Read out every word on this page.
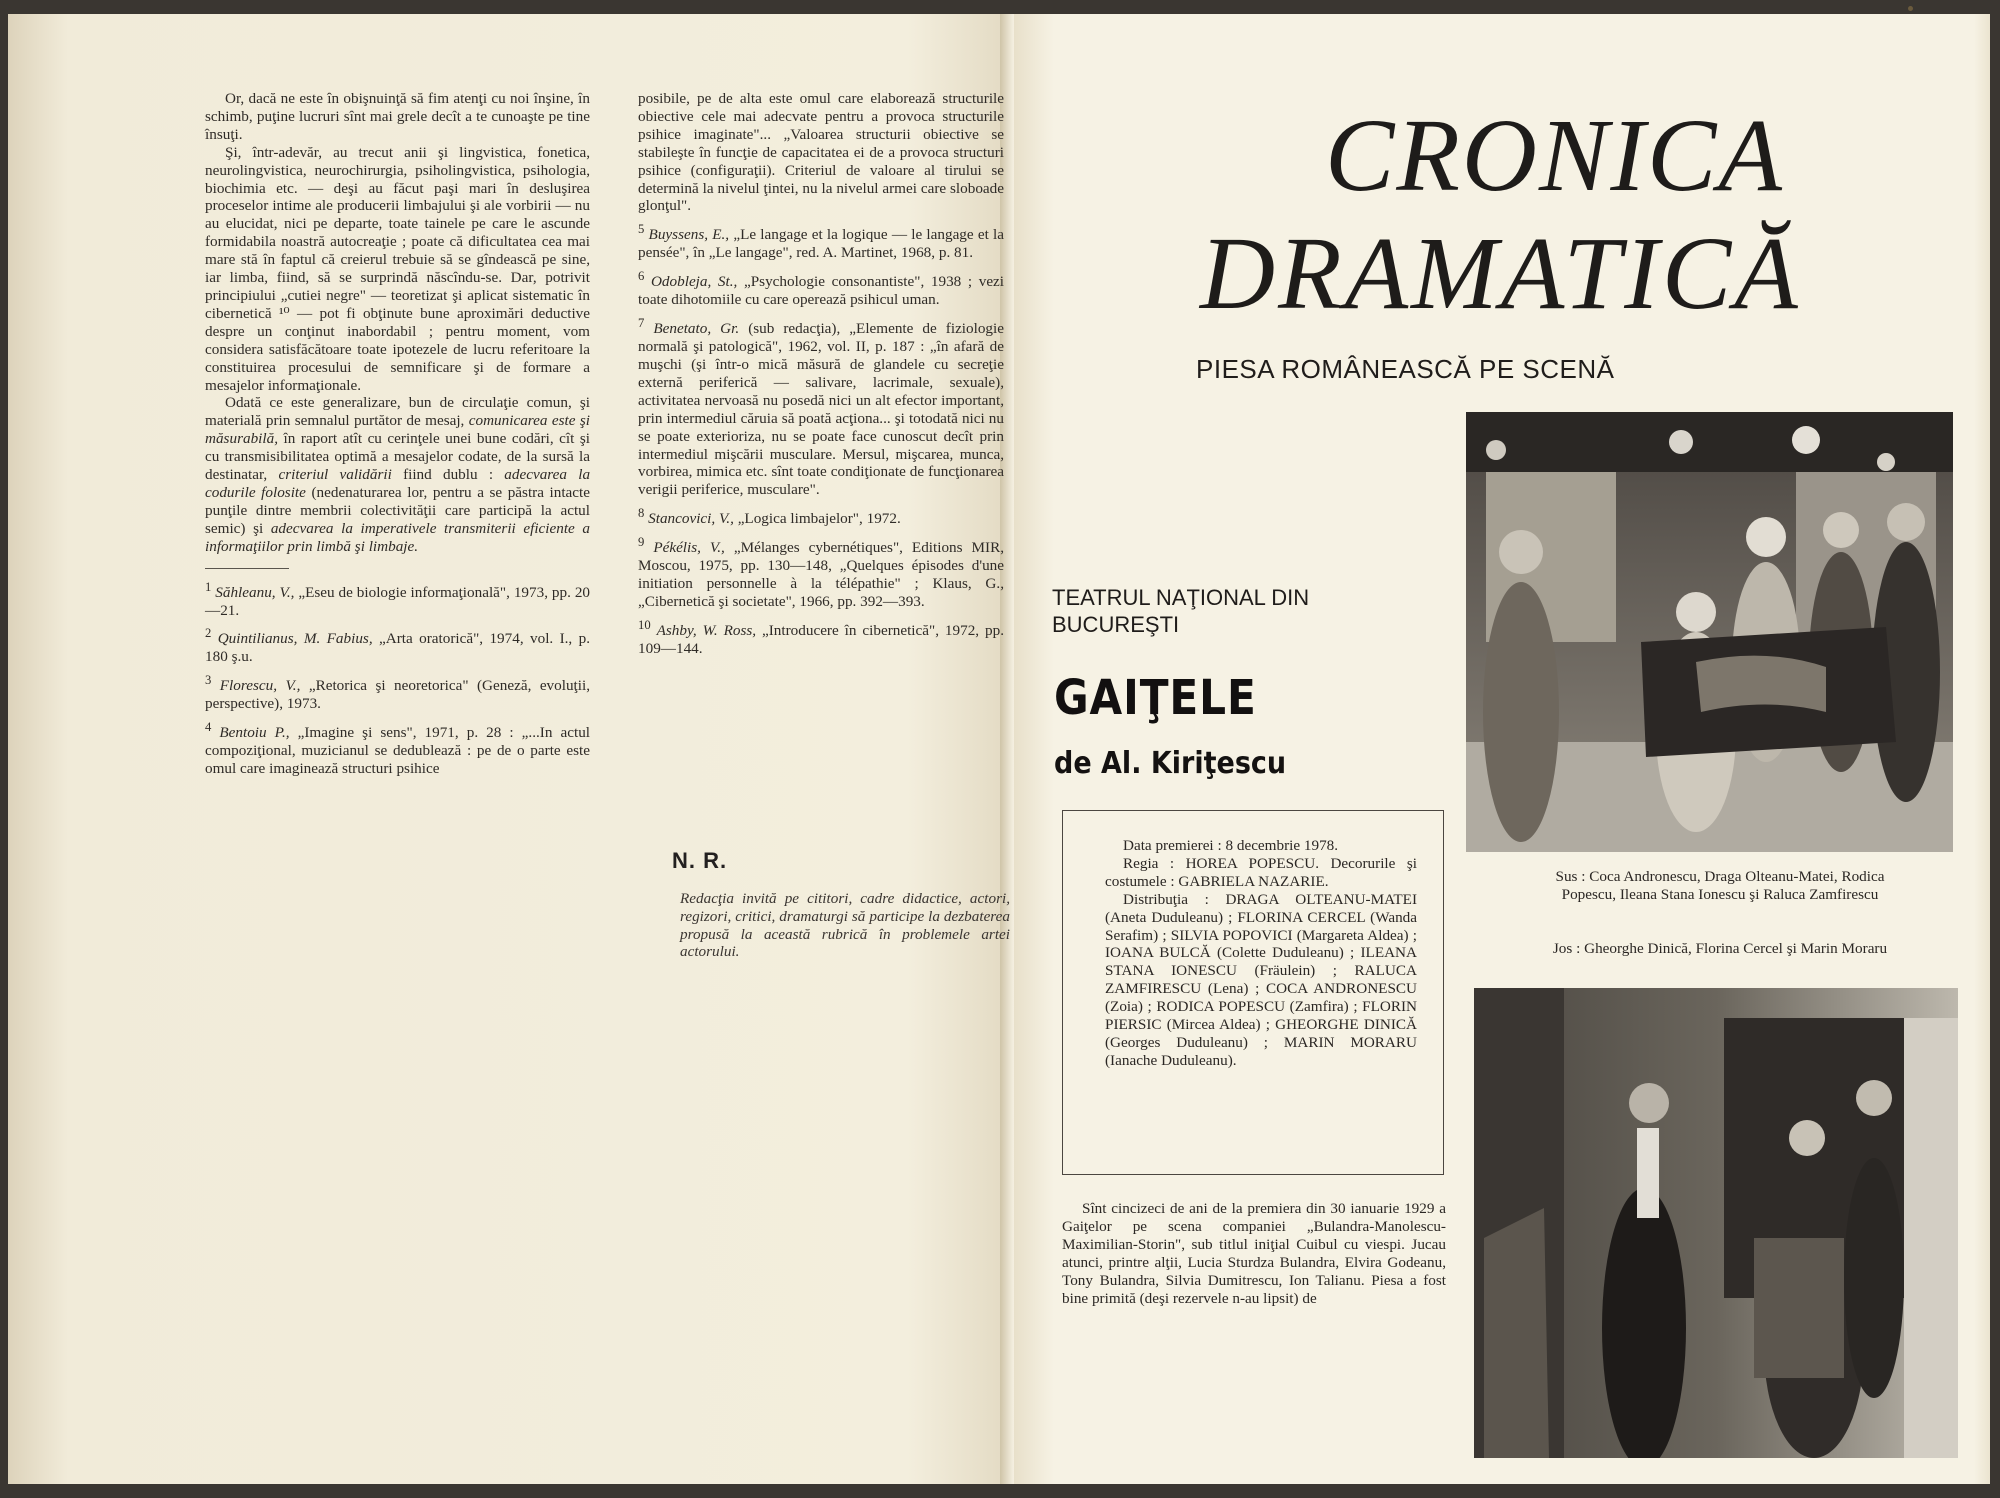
Or, dacă ne este în obişnuinţă să fim atenţi cu noi înşine, în schimb, puţine lucruri sînt mai grele decît a te cunoaşte pe tine însuţi.

Şi, într-adevăr, au trecut anii şi lingvistica, fonetica, neurolingvistica, neurochirurgia, psiholingvistica, psihologia, biochimia etc. — deşi au făcut paşi mari în desluşirea proceselor intime ale producerii limbajului şi ale vorbirii — nu au elucidat, nici pe departe, toate tainele pe care le ascunde formidabila noastră autocreaţie ; poate că dificultatea cea mai mare stă în faptul că creierul trebuie să se gîndească pe sine, iar limba, fiind, să se surprindă născîndu-se. Dar, potrivit principiului „cutiei negre" — teoretizat şi aplicat sistematic în cibernetică ¹⁰ — pot fi obţinute bune aproximări deductive despre un conţinut inabordabil ; pentru moment, vom considera satisfăcătoare toate ipotezele de lucru referitoare la constituirea procesului de semnificare şi de formare a mesajelor informaţionale.

Odată ce este generalizare, bun de circulaţie comun, şi materială prin semnalul purtător de mesaj, comunicarea este şi măsurabilă, în raport atît cu cerinţele unei bune codări, cît şi cu transmisibilitatea optimă a mesajelor codate, de la sursă la destinatar, criteriul validării fiind dublu : adecvarea la codurile folosite (nedenaturarea lor, pentru a se păstra intacte punţile dintre membrii colectivităţii care participă la actul semic) şi adecvarea la imperativele transmiterii eficiente a informaţiilor prin limbă şi limbaje.

$^1$ Săhleanu, V., „Eseu de biologie informaţională", 1973, pp. 20—21.

$^2$ Quintilianus, M. Fabius, „Arta oratorică", 1974, vol. I., p. 180 ş.u.

$^3$ Florescu, V., „Retorica şi neoretorica" (Geneză, evoluţii, perspective), 1973.

$^4$ Bentoiu P., „Imagine şi sens", 1971, p. 28 : „...In actul compoziţional, muzicianul se dedublează : pe de o parte este omul care imaginează structuri psihice

posibile, pe de alta este omul care elaborează structurile obiective cele mai adecvate pentru a provoca structurile psihice imaginate"... „Valoarea structurii obiective se stabileşte în funcţie de capacitatea ei de a provoca structuri psihice (configuraţii). Criteriul de valoare al tirului se determină la nivelul ţintei, nu la nivelul armei care sloboade glonţul".

$^5$ Buyssens, E., „Le langage et la logique — le langage et la pensée", în „Le langage", red. A. Martinet, 1968, p. 81.

$^6$ Odobleja, St., „Psychologie consonantiste", 1938 ; vezi toate dihotomiile cu care operează psihicul uman.

$^7$ Benetato, Gr. (sub redacţia), „Elemente de fiziologie normală şi patologică", 1962, vol. II, p. 187 : „în afară de muşchi (şi într-o mică măsură de glandele cu secreţie externă periferică — salivare, lacrimale, sexuale), activitatea nervoasă nu posedă nici un alt efector important, prin intermediul căruia să poată acţiona... şi totodată nici nu se poate exterioriza, nu se poate face cunoscut decît prin intermediul mişcării musculare. Mersul, mişcarea, munca, vorbirea, mimica etc. sînt toate condiţionate de funcţionarea verigii periferice, musculare".

$^8$ Stancovici, V., „Logica limbajelor", 1972.

$^9$ Pékélis, V., „Mélanges cybernétiques", Editions MIR, Moscou, 1975, pp. 130—148, „Quelques épisodes d'une initiation personnelle à la télépathie" ; Klaus, G., „Cibernetică şi societate", 1966, pp. 392—393.

$^{10}$ Ashby, W. Ross, „Introducere în cibernetică", 1972, pp. 109—144.

N. R.
Redacţia invită pe cititori, cadre didactice, actori, regizori, critici, dramaturgi să participe la dezbaterea propusă la această rubrică în problemele artei actorului.
CRONICA
DRAMATICĂ
PIESA ROMÂNEASCĂ PE SCENĂ
Sus : Coca Andronescu, Draga Olteanu-Matei, Rodica Popescu, Ileana Stana Ionescu şi Raluca Zamfirescu
Jos : Gheorghe Dinică, Florina Cercel şi Marin Moraru
TEATRUL NAŢIONAL DIN BUCUREŞTI
GAIŢELE
de Al. Kiriţescu

Data premierei : 8 decembrie 1978.

Regia : HOREA POPESCU. Decorurile şi costumele : GABRIELA NAZARIE.

Distribuţia : DRAGA OLTEANU-MATEI (Aneta Duduleanu) ; FLORINA CERCEL (Wanda Serafim) ; SILVIA POPOVICI (Margareta Aldea) ; IOANA BULCĂ (Colette Duduleanu) ; ILEANA STANA IONESCU (Fräulein) ; RALUCA ZAMFIRESCU (Lena) ; COCA ANDRONESCU (Zoia) ; RODICA POPESCU (Zamfira) ; FLORIN PIERSIC (Mircea Aldea) ; GHEORGHE DINICĂ (Georges Duduleanu) ; MARIN MORARU (Ianache Duduleanu).

Sînt cincizeci de ani de la premiera din 30 ianuarie 1929 a Gaiţelor pe scena companiei „Bulandra-Manolescu-Maximilian-Storin", sub titlul iniţial Cuibul cu viespi. Jucau atunci, printre alţii, Lucia Sturdza Bulandra, Elvira Godeanu, Tony Bulandra, Silvia Dumitrescu, Ion Talianu. Piesa a fost bine primită (deşi rezervele n-au lipsit) de
